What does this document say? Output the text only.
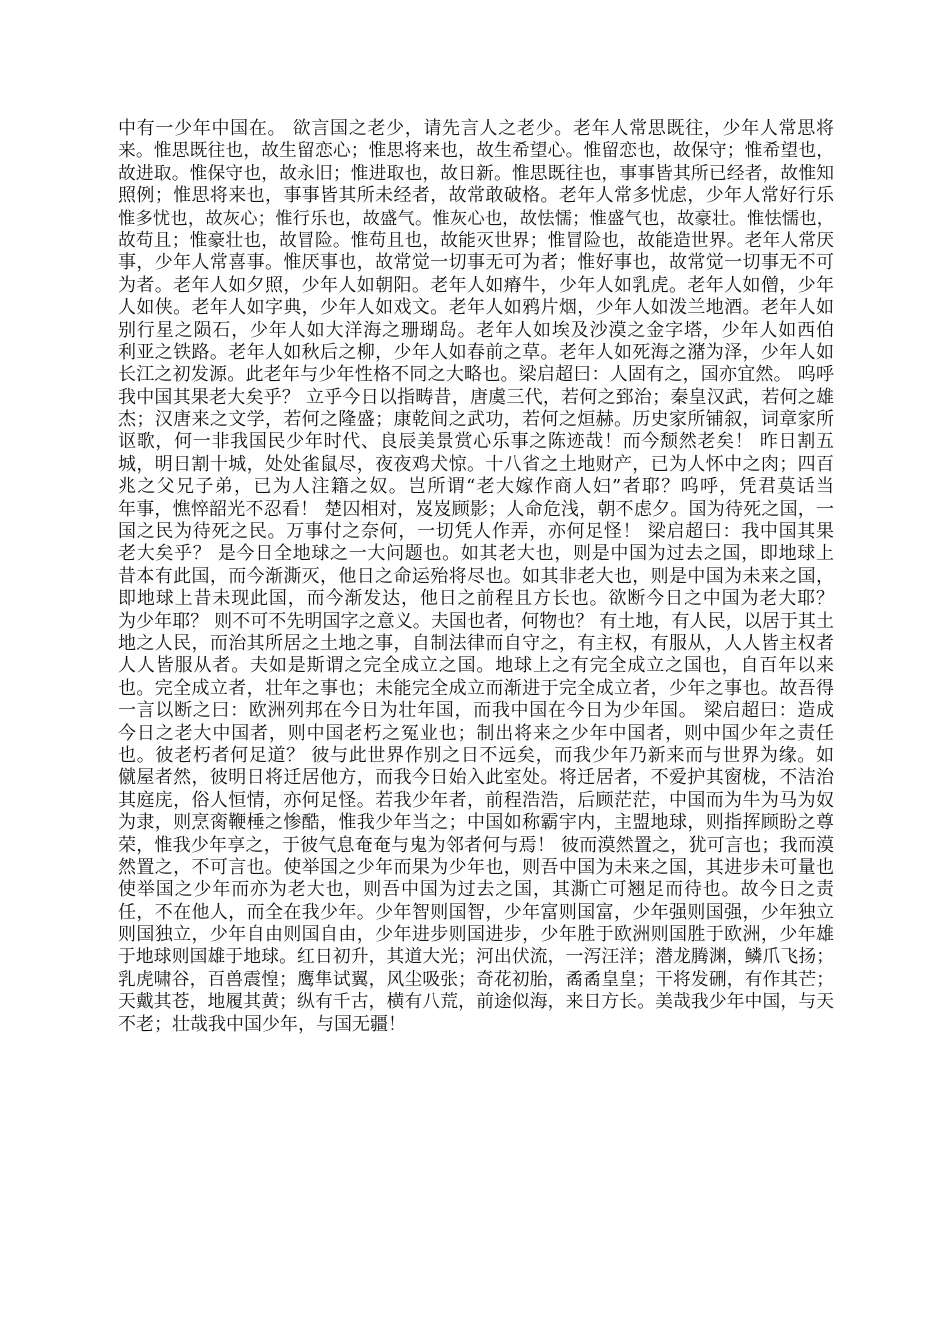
中有一少年中国在。 欲言国之老少，请先言人之老少。老年人常思既往，少年人常思将
来。惟思既往也，故生留恋心；惟思将来也，故生希望心。惟留恋也，故保守；惟希望也，
故进取。惟保守也，故永旧；惟进取也，故日新。惟思既往也，事事皆其所已经者，故惟知
照例；惟思将来也，事事皆其所未经者，故常敢破格。老年人常多忧虑，少年人常好行乐
惟多忧也，故灰心；惟行乐也，故盛气。惟灰心也，故怯懦；惟盛气也，故豪壮。惟怯懦也，
故苟且；惟豪壮也，故冒险。惟苟且也，故能灭世界；惟冒险也，故能造世界。老年人常厌
事，少年人常喜事。惟厌事也，故常觉一切事无可为者；惟好事也，故常觉一切事无不可
为者。老年人如夕照，少年人如朝阳。老年人如瘠牛，少年人如乳虎。老年人如僧，少年
人如侠。老年人如字典，少年人如戏文。老年人如鸦片烟，少年人如泼兰地酒。老年人如
别行星之陨石，少年人如大洋海之珊瑚岛。老年人如埃及沙漠之金字塔，少年人如西伯
利亚之铁路。老年人如秋后之柳，少年人如春前之草。老年人如死海之潴为泽，少年人如
长江之初发源。此老年与少年性格不同之大略也。梁启超曰：人固有之，国亦宜然。 呜呼
我中国其果老大矣乎？ 立乎今日以指畴昔，唐虞三代，若何之郅治；秦皇汉武，若何之雄
杰；汉唐来之文学，若何之隆盛；康乾间之武功，若何之烜赫。历史家所铺叙，词章家所
讴歌，何一非我国民少年时代、良辰美景赏心乐事之陈迹哉！而今颓然老矣！ 昨日割五
城，明日割十城，处处雀鼠尽，夜夜鸡犬惊。十八省之土地财产，已为人怀中之肉；四百
兆之父兄子弟，已为人注籍之奴。岂所谓“老大嫁作商人妇”者耶？呜呼，凭君莫话当
年事，憔悴韶光不忍看！ 楚囚相对，岌岌顾影；人命危浅，朝不虑夕。国为待死之国，一
国之民为待死之民。万事付之奈何，一切凭人作弄，亦何足怪！ 梁启超曰：我中国其果
老大矣乎？ 是今日全地球之一大问题也。如其老大也，则是中国为过去之国，即地球上
昔本有此国，而今渐澌灭，他日之命运殆将尽也。如其非老大也，则是中国为未来之国，
即地球上昔未现此国，而今渐发达，他日之前程且方长也。欲断今日之中国为老大耶？
为少年耶？ 则不可不先明国字之意义。夫国也者，何物也？ 有土地，有人民，以居于其土
地之人民，而治其所居之土地之事，自制法律而自守之，有主权，有服从，人人皆主权者
人人皆服从者。夫如是斯谓之完全成立之国。地球上之有完全成立之国也，自百年以来
也。完全成立者，壮年之事也；未能完全成立而渐进于完全成立者，少年之事也。故吾得
一言以断之曰：欧洲列邦在今日为壮年国，而我中国在今日为少年国。 梁启超曰：造成
今日之老大中国者，则中国老朽之冤业也；制出将来之少年中国者，则中国少年之责任
也。彼老朽者何足道？ 彼与此世界作别之日不远矣，而我少年乃新来而与世界为缘。如
僦屋者然，彼明日将迁居他方，而我今日始入此室处。将迁居者，不爱护其窗栊，不洁治
其庭庑，俗人恒情，亦何足怪。若我少年者，前程浩浩，后顾茫茫，中国而为牛为马为奴
为隶，则烹脔鞭棰之惨酷，惟我少年当之；中国如称霸宇内，主盟地球，则指挥顾盼之尊
荣，惟我少年享之，于彼气息奄奄与鬼为邻者何与焉！ 彼而漠然置之，犹可言也；我而漠
然置之，不可言也。使举国之少年而果为少年也，则吾中国为未来之国，其进步未可量也
使举国之少年而亦为老大也，则吾中国为过去之国，其澌亡可翘足而待也。故今日之责
任，不在他人，而全在我少年。少年智则国智，少年富则国富，少年强则国强，少年独立
则国独立，少年自由则国自由，少年进步则国进步，少年胜于欧洲则国胜于欧洲，少年雄
于地球则国雄于地球。红日初升，其道大光；河出伏流，一泻汪洋；潜龙腾渊，鳞爪飞扬；
乳虎啸谷，百兽震惶；鹰隼试翼，风尘吸张；奇花初胎，矞矞皇皇；干将发硎，有作其芒；
天戴其苍，地履其黄；纵有千古，横有八荒，前途似海，来日方长。美哉我少年中国，与天
不老；壮哉我中国少年，与国无疆！
